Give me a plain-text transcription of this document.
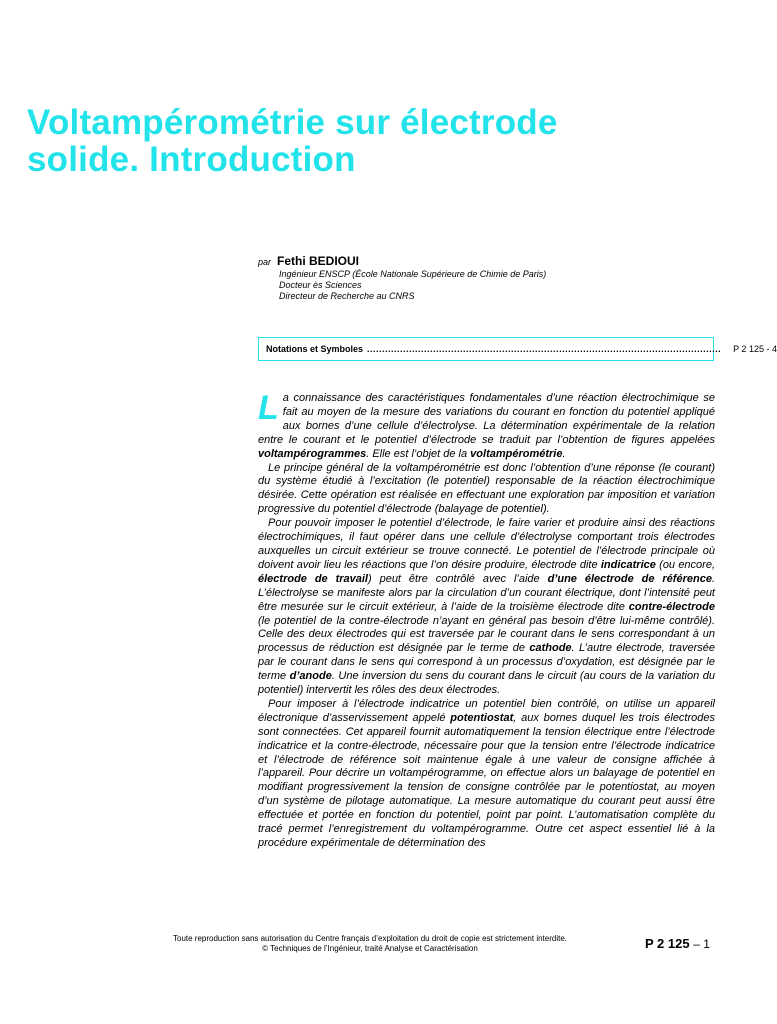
Voltampérométrie sur électrode
solide. Introduction
par Fethi BEDIOUI
Ingénieur ENSCP (École Nationale Supérieure de Chimie de Paris)
Docteur ès Sciences
Directeur de Recherche au CNRS
Notations et Symboles ...................................................................................................................... P 2 125 - 4

La connaissance des caractéristiques fondamentales d’une réaction électrochimique se fait au moyen de la mesure des variations du courant en fonction du potentiel appliqué aux bornes d’une cellule d’électrolyse. La détermination expérimentale de la relation entre le courant et le potentiel d’électrode se traduit par l’obtention de figures appelées voltampérogrammes. Elle est l’objet de la voltampérométrie.

Le principe général de la voltampérométrie est donc l’obtention d’une réponse (le courant) du système étudié à l’excitation (le potentiel) responsable de la réaction électrochimique désirée. Cette opération est réalisée en effectuant une exploration par imposition et variation progressive du potentiel d’électrode (balayage de potentiel).

Pour pouvoir imposer le potentiel d’électrode, le faire varier et produire ainsi des réactions électrochimiques, il faut opérer dans une cellule d’électrolyse comportant trois électrodes auxquelles un circuit extérieur se trouve connecté. Le potentiel de l’électrode principale où doivent avoir lieu les réactions que l’on désire produire, électrode dite indicatrice (ou encore, électrode de travail) peut être contrôlé avec l’aide d’une électrode de référence. L’électrolyse se manifeste alors par la circulation d’un courant électrique, dont l’intensité peut être mesurée sur le circuit extérieur, à l’aide de la troisième électrode dite contre-électrode (le potentiel de la contre-électrode n’ayant en général pas besoin d’être lui-même contrôlé). Celle des deux électrodes qui est traversée par le courant dans le sens correspondant à un processus de réduction est désignée par le terme de cathode. L’autre électrode, traversée par le courant dans le sens qui correspond à un processus d’oxydation, est désignée par le terme d’anode. Une inversion du sens du courant dans le circuit (au cours de la variation du potentiel) intervertit les rôles des deux électrodes.

Pour imposer à l’électrode indicatrice un potentiel bien contrôlé, on utilise un appareil électronique d’asservissement appelé potentiostat, aux bornes duquel les trois électrodes sont connectées. Cet appareil fournit automatiquement la tension électrique entre l’électrode indicatrice et la contre-électrode, nécessaire pour que la tension entre l’électrode indicatrice et l’électrode de référence soit maintenue égale à une valeur de consigne affichée à l’appareil. Pour décrire un voltampérogramme, on effectue alors un balayage de potentiel en modifiant progressivement la tension de consigne contrôlée par le potentiostat, au moyen d’un système de pilotage automatique. La mesure automatique du courant peut aussi être effectuée et portée en fonction du potentiel, point par point. L’automatisation complète du tracé permet l’enregistrement du voltampérogramme. Outre cet aspect essentiel lié à la procédure expérimentale de détermination des

Toute reproduction sans autorisation du Centre français d’exploitation du droit de copie est strictement interdite.
© Techniques de l’Ingénieur, traité Analyse et Caractérisation	P 2 125 – 1
